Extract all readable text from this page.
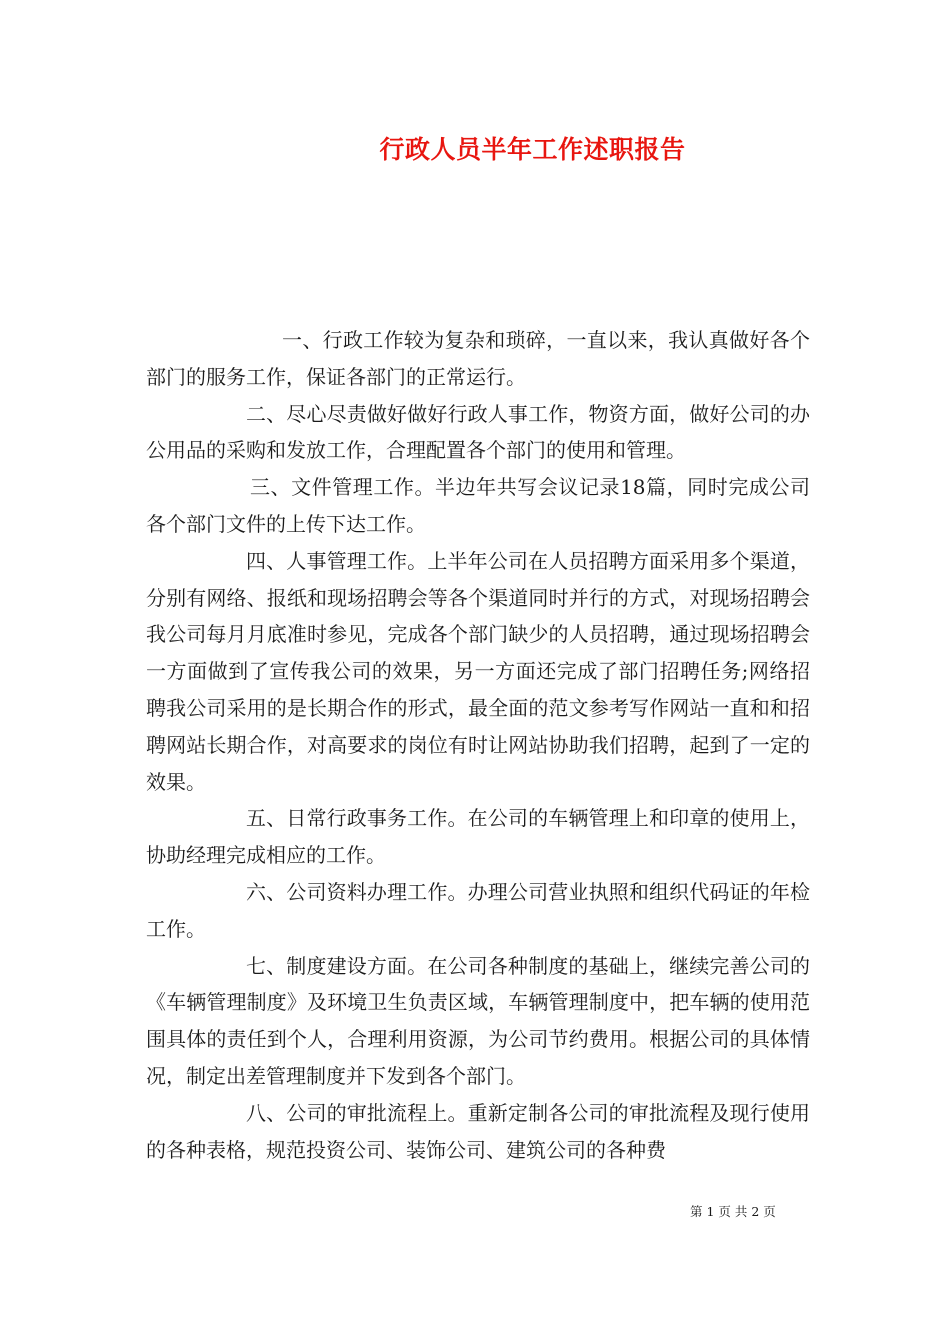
行政人员半年工作述职报告

一、行政工作较为复杂和琐碎，一直以来，我认真做好各个部门的服务工作，保证各部门的正常运行。

二、尽心尽责做好做好行政人事工作，物资方面，做好公司的办公用品的采购和发放工作，合理配置各个部门的使用和管理。

三、文件管理工作。半边年共写会议记录18篇，同时完成公司各个部门文件的上传下达工作。

四、人事管理工作。上半年公司在人员招聘方面采用多个渠道，分别有网络、报纸和现场招聘会等各个渠道同时并行的方式，对现场招聘会我公司每月月底准时参见，完成各个部门缺少的人员招聘，通过现场招聘会一方面做到了宣传我公司的效果，另一方面还完成了部门招聘任务;网络招聘我公司采用的是长期合作的形式，最全面的范文参考写作网站一直和和招聘网站长期合作，对高要求的岗位有时让网站协助我们招聘，起到了一定的效果。

五、日常行政事务工作。在公司的车辆管理上和印章的使用上，协助经理完成相应的工作。

六、公司资料办理工作。办理公司营业执照和组织代码证的年检工作。

七、制度建设方面。在公司各种制度的基础上，继续完善公司的《车辆管理制度》及环境卫生负责区域，车辆管理制度中，把车辆的使用范围具体的责任到个人，合理利用资源，为公司节约费用。根据公司的具体情况，制定出差管理制度并下发到各个部门。

八、公司的审批流程上。重新定制各公司的审批流程及现行使用的各种表格，规范投资公司、装饰公司、建筑公司的各种费

第 1 页 共 2 页
